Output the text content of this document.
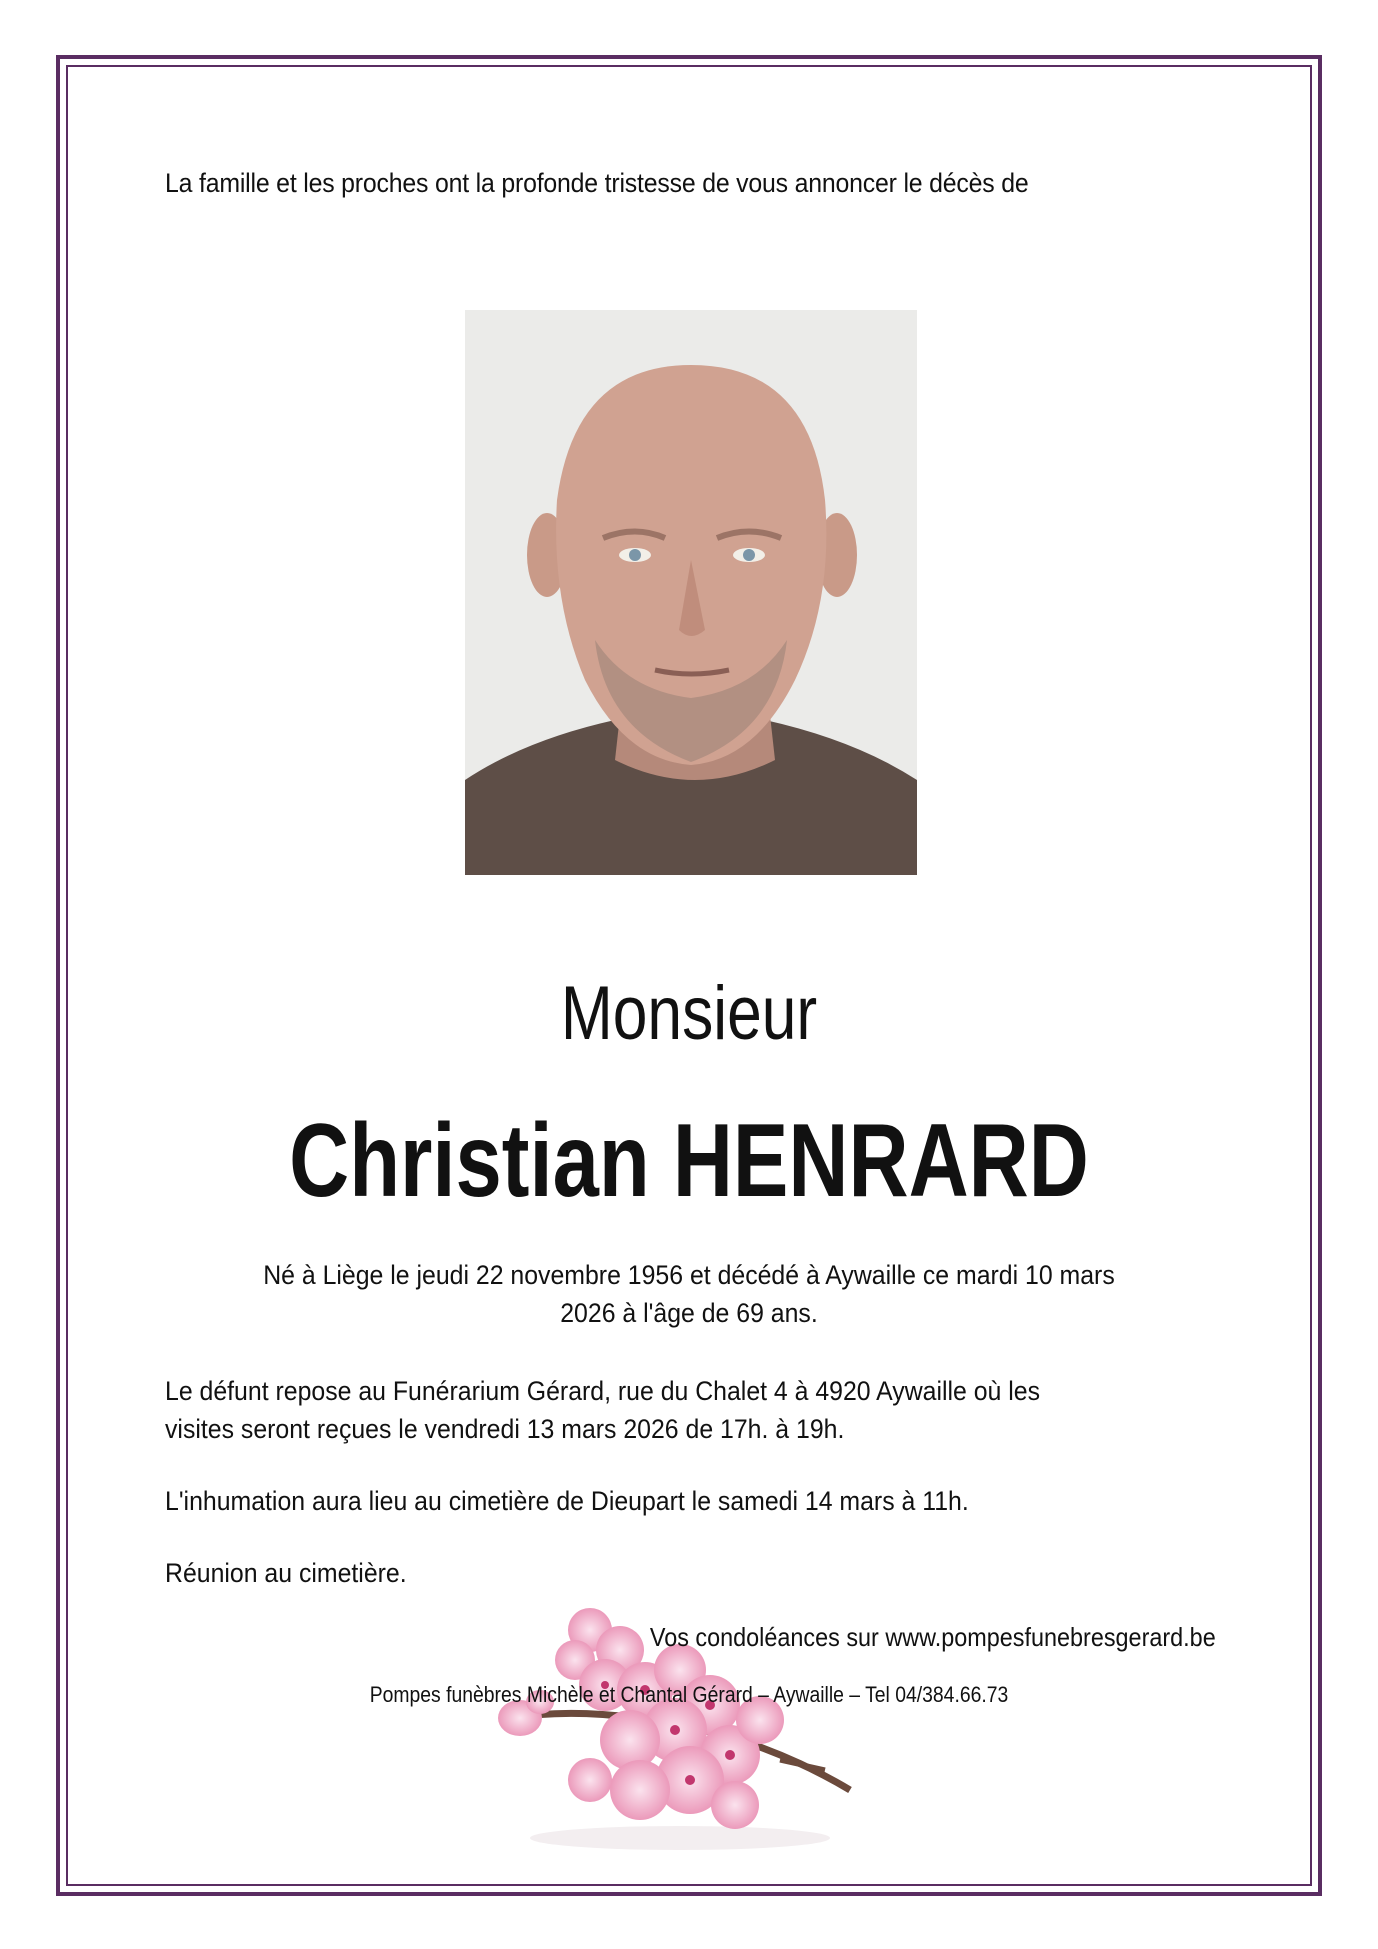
La famille et les proches ont la profonde tristesse de vous annoncer le décès de
Monsieur
Christian HENRARD
Né à Liège le jeudi 22 novembre 1956 et décédé à Aywaille ce mardi 10 mars
2026 à l'âge de 69 ans.
Le défunt repose au Funérarium Gérard, rue du Chalet 4 à 4920 Aywaille où les
visites seront reçues le vendredi 13 mars 2026 de 17h. à 19h.
L'inhumation aura lieu au cimetière de Dieupart le samedi 14 mars à 11h.
Réunion au cimetière.
Vos condoléances sur www.pompesfunebresgerard.be
Pompes funèbres Michèle et Chantal Gérard – Aywaille – Tel 04/384.66.73
